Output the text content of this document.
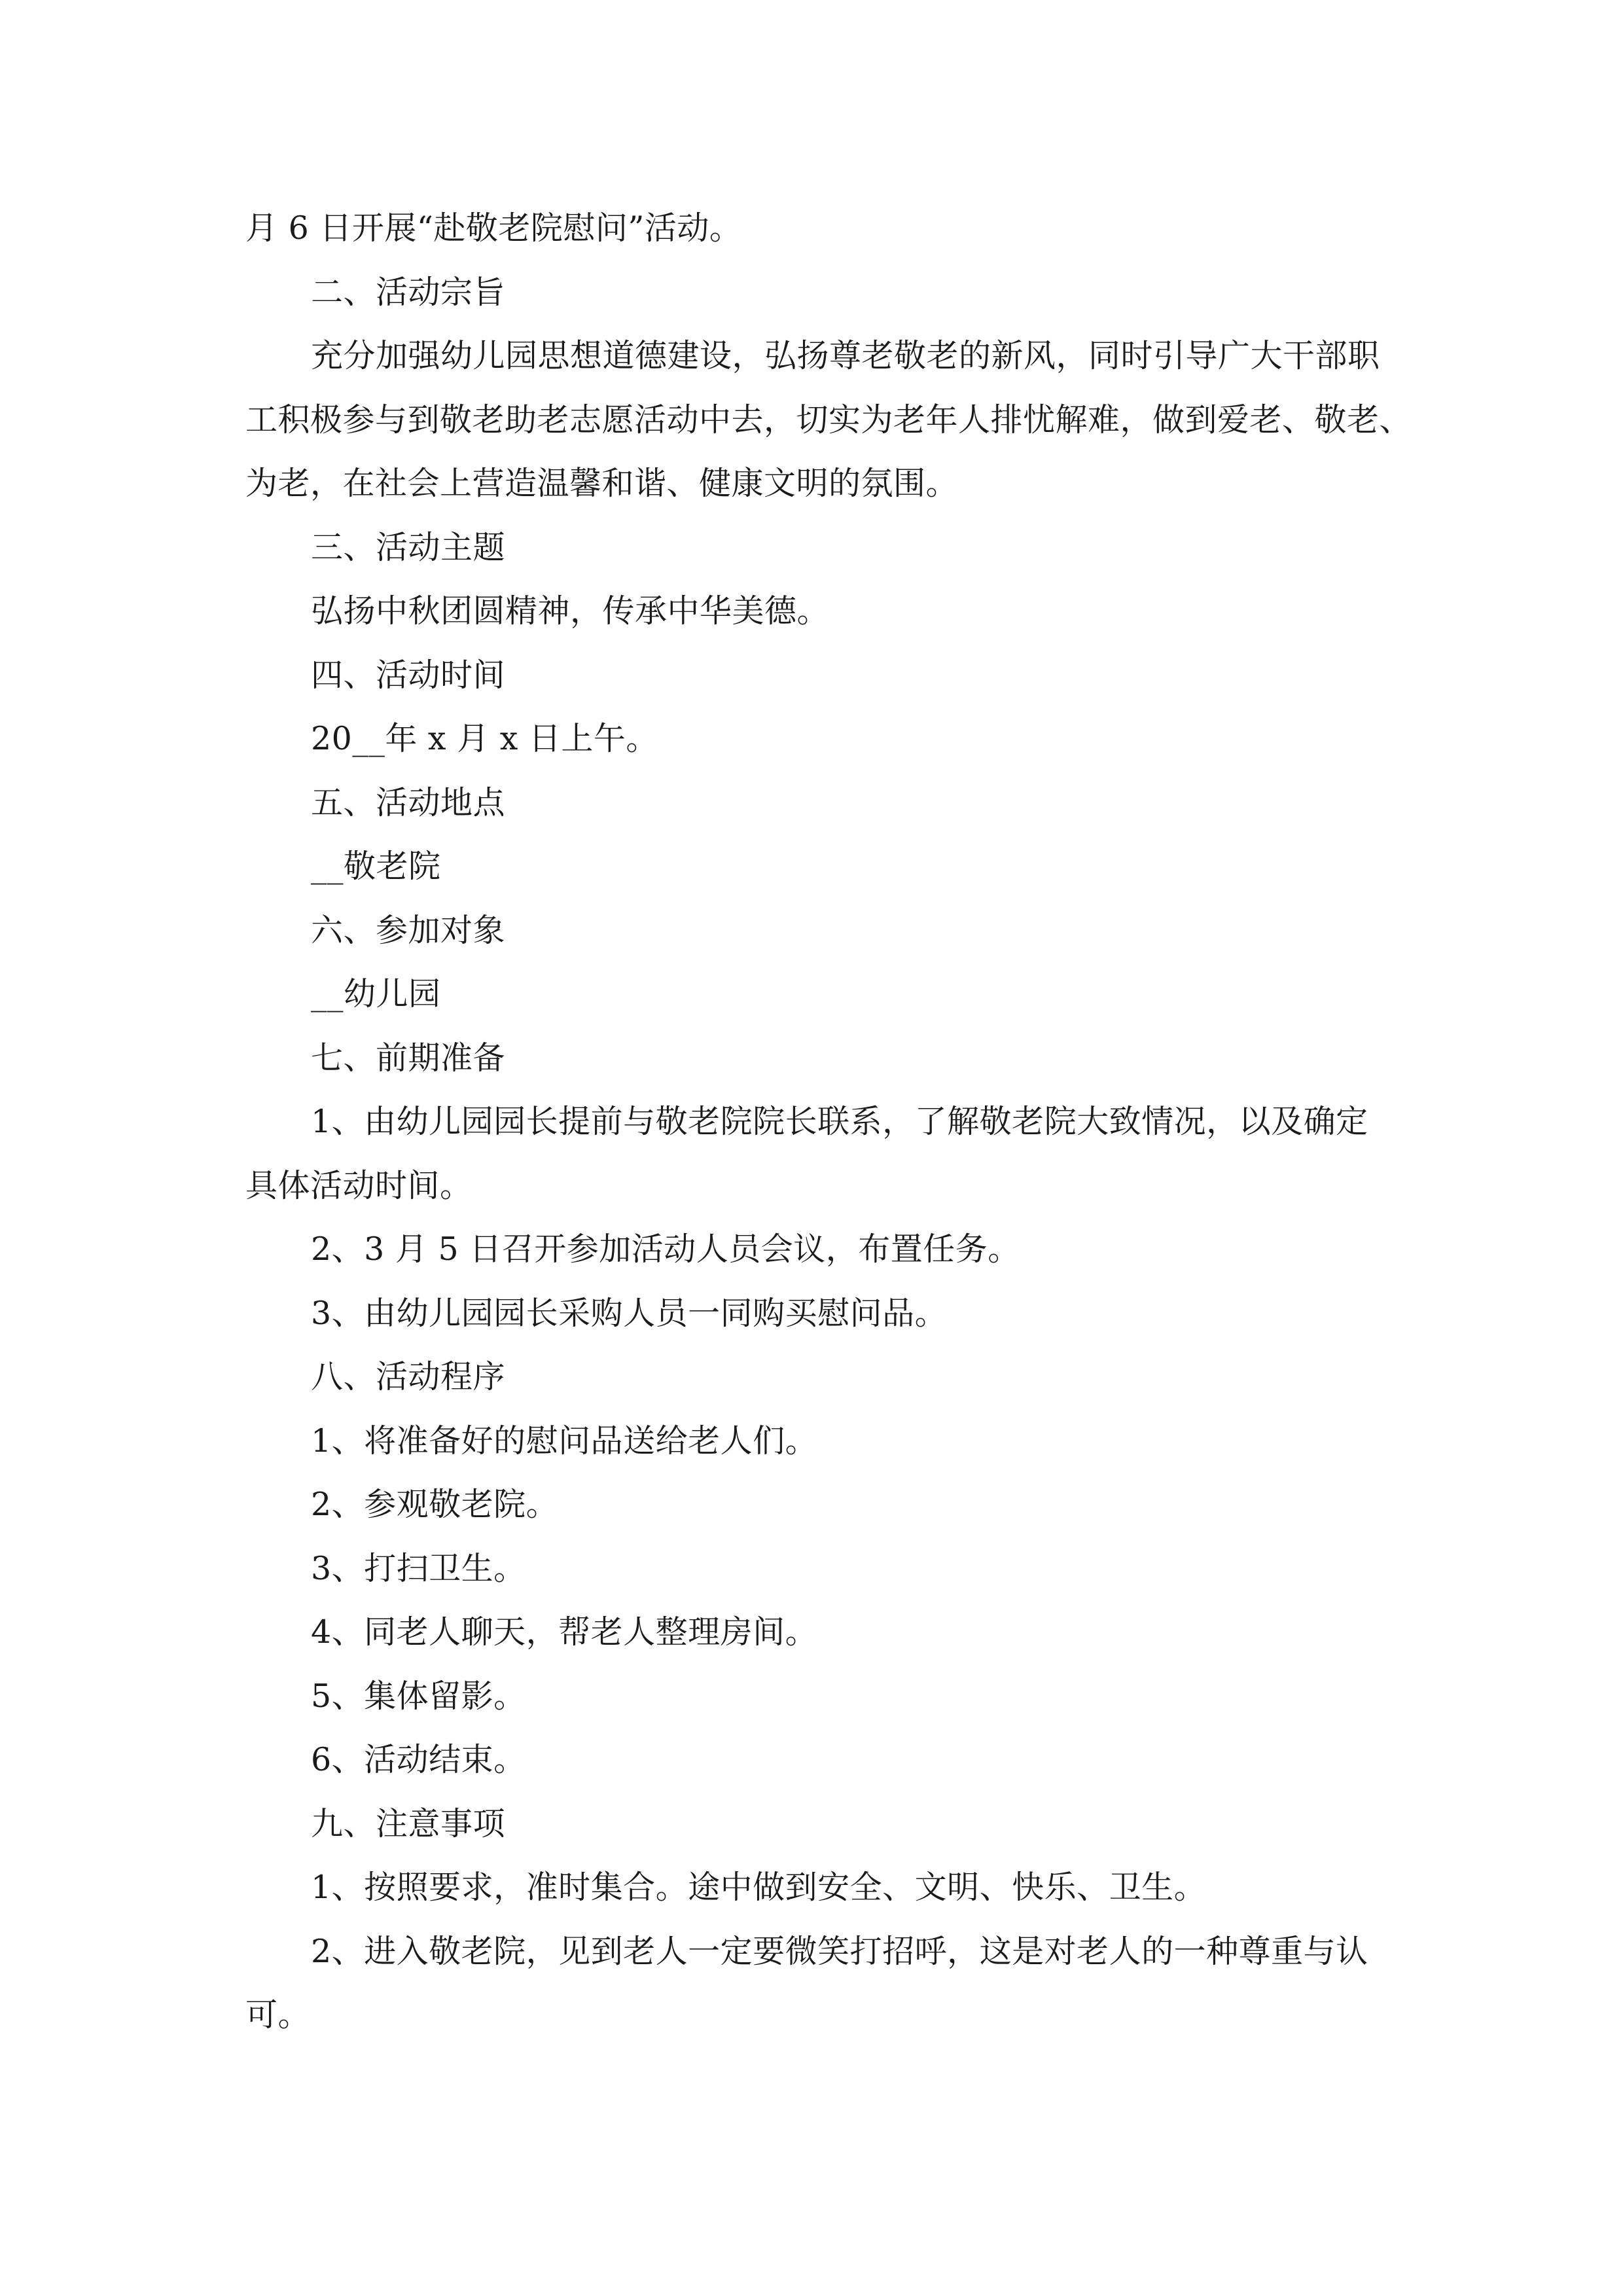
月 6 日开展“赴敬老院慰问”活动。
二、活动宗旨
充分加强幼儿园思想道德建设，弘扬尊老敬老的新风，同时引导广大干部职
工积极参与到敬老助老志愿活动中去，切实为老年人排忧解难，做到爱老、敬老、
为老，在社会上营造温馨和谐、健康文明的氛围。
三、活动主题
弘扬中秋团圆精神，传承中华美德。
四、活动时间
20__年 x 月 x 日上午。
五、活动地点
__敬老院
六、参加对象
__幼儿园
七、前期准备
1、由幼儿园园长提前与敬老院院长联系，了解敬老院大致情况，以及确定
具体活动时间。
2、3 月 5 日召开参加活动人员会议，布置任务。
3、由幼儿园园长采购人员一同购买慰问品。
八、活动程序
1、将准备好的慰问品送给老人们。
2、参观敬老院。
3、打扫卫生。
4、同老人聊天，帮老人整理房间。
5、集体留影。
6、活动结束。
九、注意事项
1、按照要求，准时集合。途中做到安全、文明、快乐、卫生。
2、进入敬老院，见到老人一定要微笑打招呼，这是对老人的一种尊重与认
可。
